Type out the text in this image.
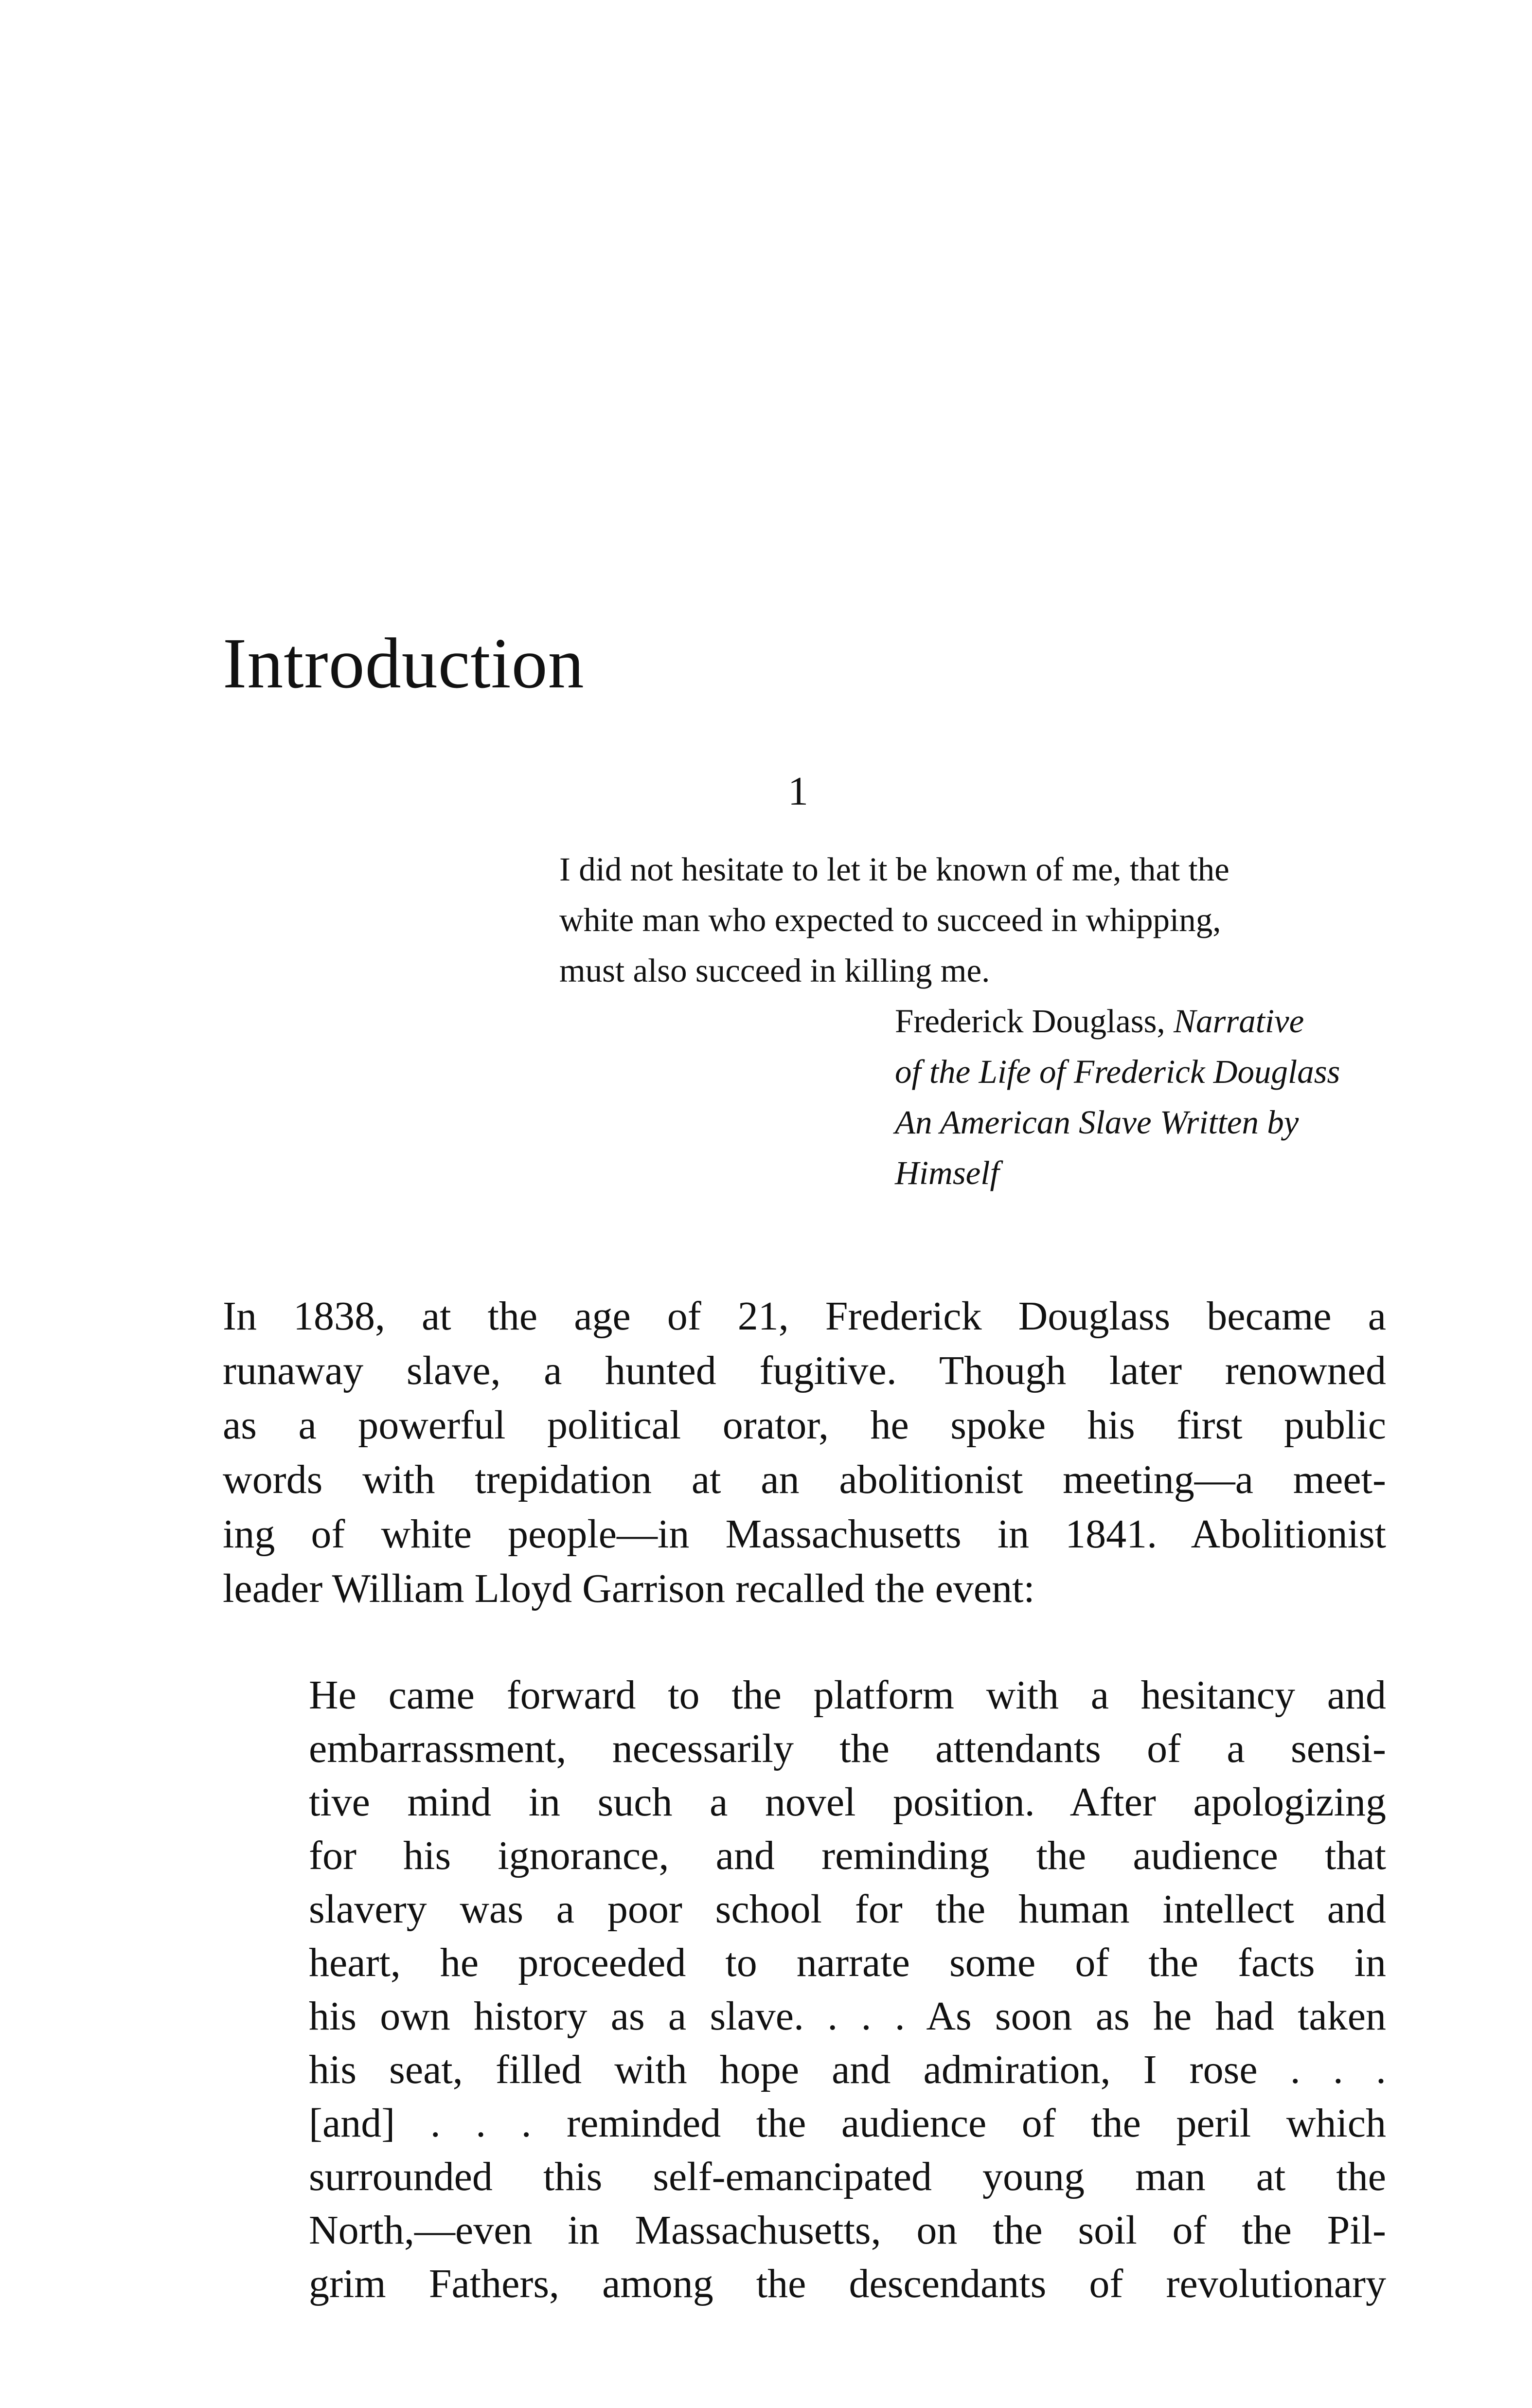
Introduction
1

I did not hesitate to let it be known of me, that the
white man who expected to succeed in whipping,
must also succeed in killing me.

Frederick Douglass, Narrative
of the Life of Frederick Douglass
An American Slave Written by
Himself

In 1838, at the age of 21, Frederick Douglass became a
runaway slave, a hunted fugitive. Though later renowned
as a powerful political orator, he spoke his first public
words with trepidation at an abolitionist meeting—a meet-
ing of white people—in Massachusetts in 1841. Abolitionist
leader William Lloyd Garrison recalled the event:
He came forward to the platform with a hesitancy and
embarrassment, necessarily the attendants of a sensi-
tive mind in such a novel position. After apologizing
for his ignorance, and reminding the audience that
slavery was a poor school for the human intellect and
heart, he proceeded to narrate some of the facts in
his own history as a slave. . . . As soon as he had taken
his seat, filled with hope and admiration, I rose . . .
[and] . . . reminded the audience of the peril which
surrounded this self-emancipated young man at the
North,—even in Massachusetts, on the soil of the Pil-
grim Fathers, among the descendants of revolutionary
